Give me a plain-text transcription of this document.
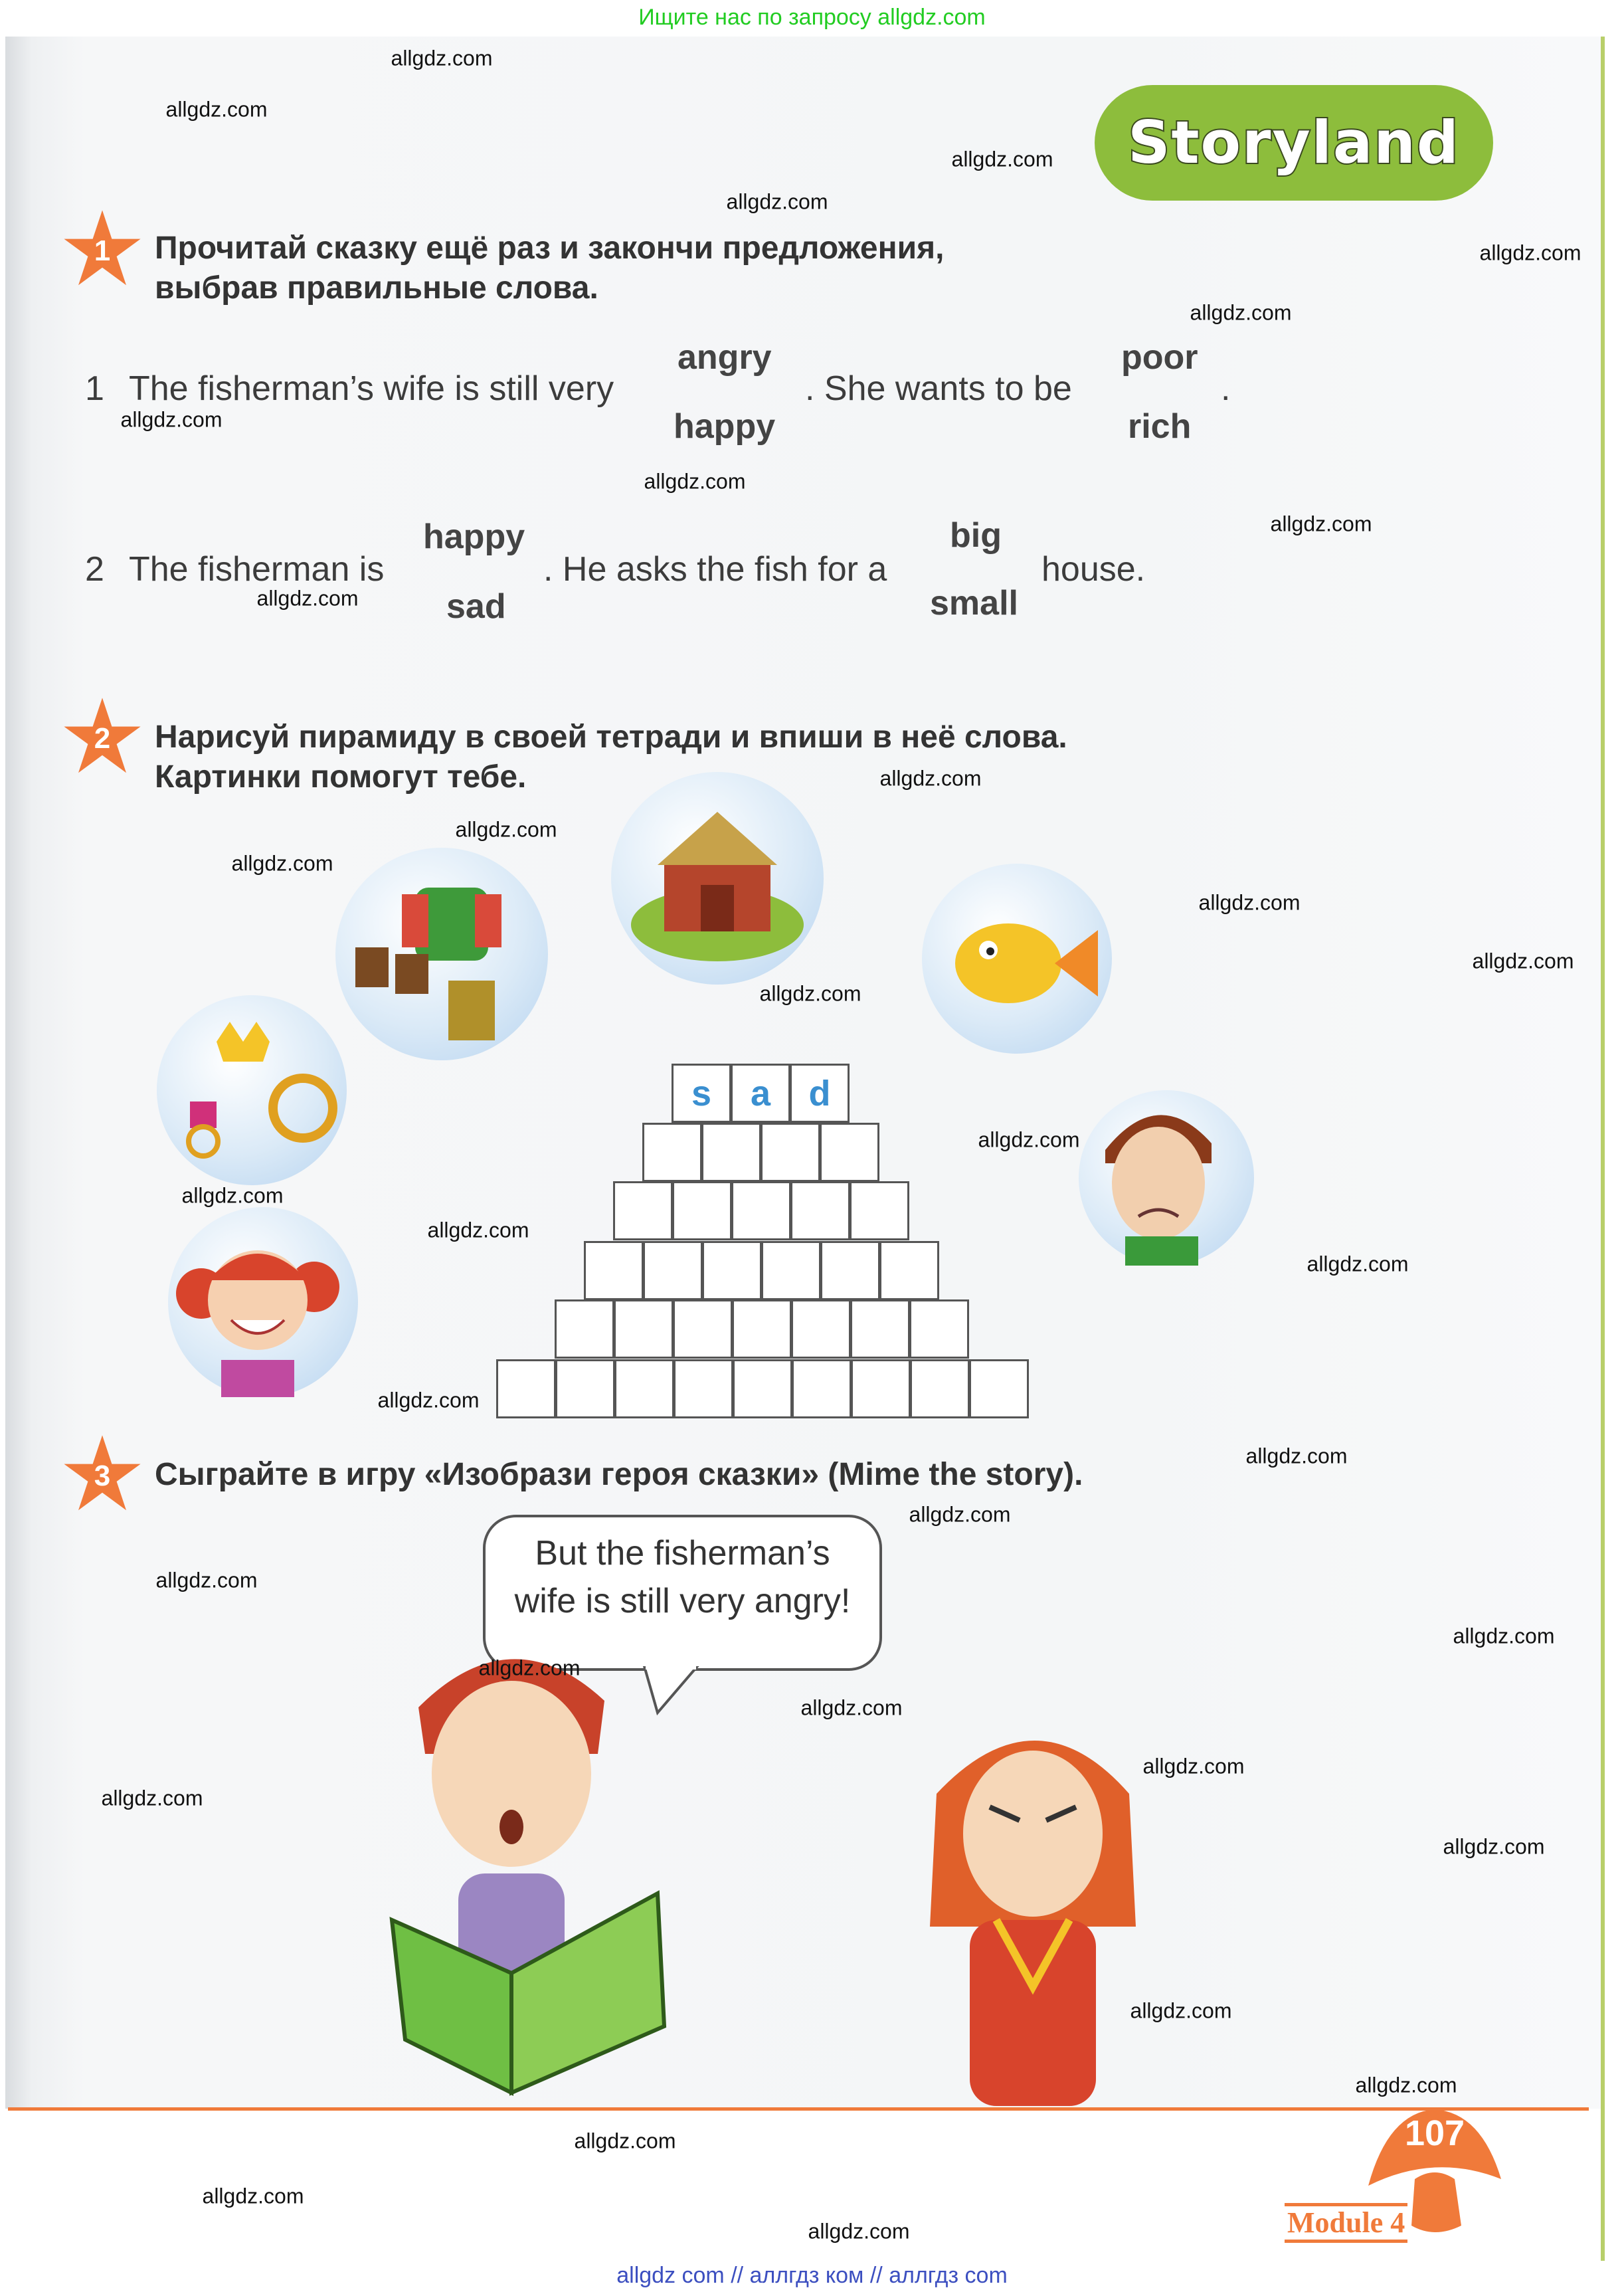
Ищите нас по запросу allgdz.com
Storyland
1	Прочитай сказку ещё раз и закончи предложения,
выбрав правильные слова.
1 The fisherman’s wife is still very
angry
happy
. She wants to be
poor
rich
.
2 The fisherman is
happy
sad
. He asks the fish for a
big
small
house.
2	Нарисуй пирамиду в своей тетради и впиши в неё слова.
Картинки помогут тебе.
s	a	d
3	Сыграйте в игру «Изобрази героя сказки» (Mime the story).
But the fisherman’s
wife is still very angry!
107
Module 4
allgdz com // аллгдз ком // аллгдз com
allgdz.com
allgdz.com
allgdz.com
allgdz.com
allgdz.com
allgdz.com
allgdz.com
allgdz.com
allgdz.com
allgdz.com
allgdz.com
allgdz.com
allgdz.com
allgdz.com
allgdz.com
allgdz.com
allgdz.com
allgdz.com
allgdz.com
allgdz.com
allgdz.com
allgdz.com
allgdz.com
allgdz.com
allgdz.com
allgdz.com
allgdz.com
allgdz.com
allgdz.com
allgdz.com
allgdz.com
allgdz.com
allgdz.com
allgdz.com
allgdz.com
